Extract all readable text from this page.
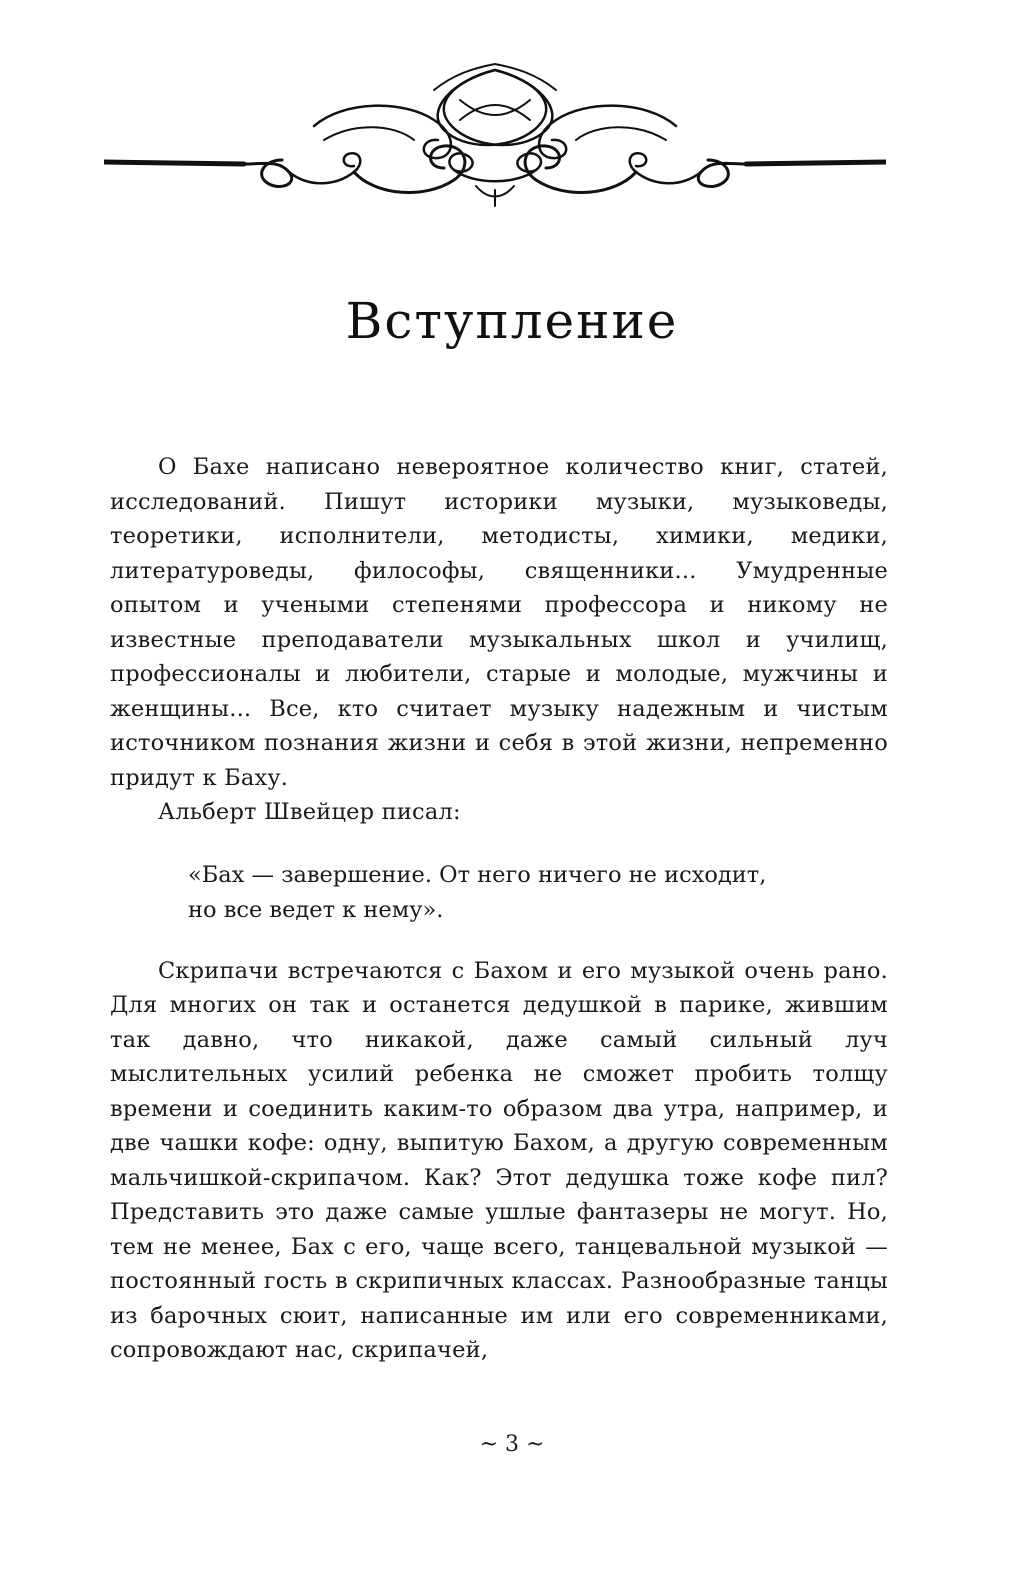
Вступление

О Бахе написано невероятное количество книг, статей, исследований. Пишут историки музыки, музыковеды, теоретики, исполнители, методисты, химики, медики, литературоведы, философы, священники... Умудренные опытом и учеными степенями профессора и никому не известные преподаватели музыкальных школ и училищ, профессионалы и любители, старые и молодые, мужчины и женщины... Все, кто считает музыку надежным и чистым источником познания жизни и себя в этой жизни, непременно придут к Баху.

Альберт Швейцер писал:

«Бах — завершение. От него ничего не исходит,
но все ведет к нему».

Скрипачи встречаются с Бахом и его музыкой очень рано. Для многих он так и останется дедушкой в парике, жившим так давно, что никакой, даже самый сильный луч мыслительных усилий ребенка не сможет пробить толщу времени и соединить каким-то образом два утра, например, и две чашки кофе: одну, выпитую Бахом, а другую современным мальчишкой-скрипачом. Как? Этот дедушка тоже кофе пил? Представить это даже самые ушлые фантазеры не могут. Но, тем не менее, Бах с его, чаще всего, танцевальной музыкой — постоянный гость в скрипичных классах. Разнообразные танцы из барочных сюит, написанные им или его современниками, сопровождают нас, скрипачей,

~ 3 ~
